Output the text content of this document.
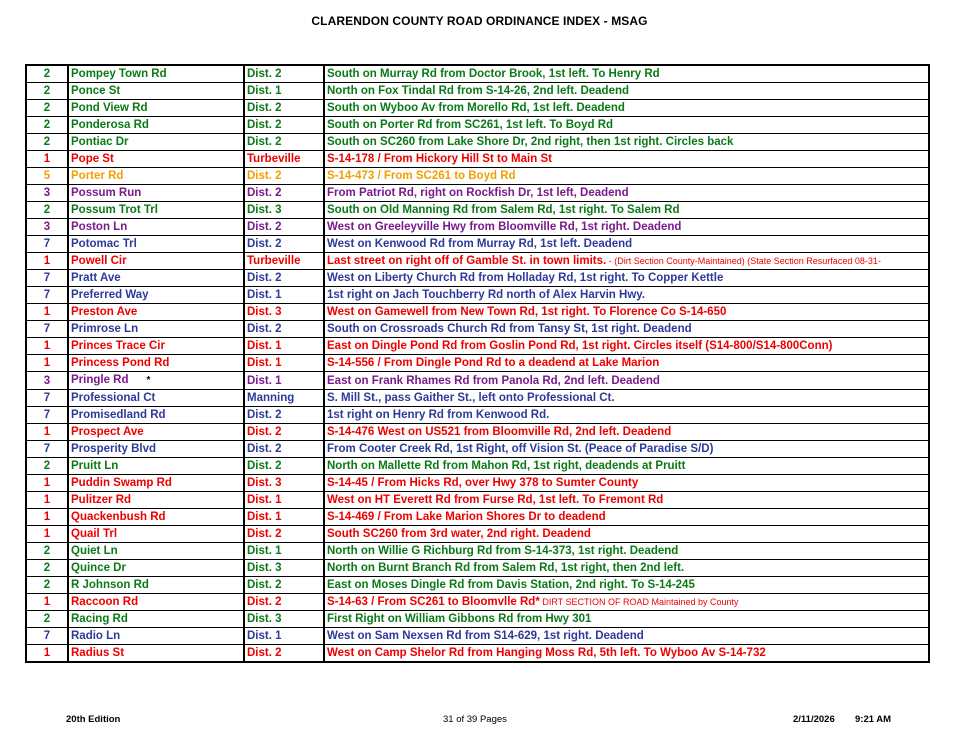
CLARENDON COUNTY ROAD ORDINANCE INDEX - MSAG
2	Pompey Town Rd	Dist. 2	South on Murray Rd from Doctor Brook, 1st left. To Henry Rd
2	Ponce St	Dist. 1	North on Fox Tindal Rd from S-14-26, 2nd left. Deadend
2	Pond View Rd	Dist. 2	South on Wyboo Av from Morello Rd, 1st left. Deadend
2	Ponderosa Rd	Dist. 2	South on Porter Rd from SC261, 1st left. To Boyd Rd
2	Pontiac Dr	Dist. 2	South on SC260 from Lake Shore Dr, 2nd right, then 1st right. Circles back
1	Pope St	Turbeville	S-14-178 / From Hickory Hill St to Main St
5	Porter Rd	Dist. 2	S-14-473 / From SC261 to Boyd Rd
3	Possum Run	Dist. 2	From Patriot Rd, right on Rockfish Dr, 1st left, Deadend
2	Possum Trot Trl	Dist. 3	South on Old Manning Rd from Salem Rd, 1st right. To Salem Rd
3	Poston Ln	Dist. 2	West on Greeleyville Hwy from Bloomville Rd, 1st right. Deadend
7	Potomac Trl	Dist. 2	West on Kenwood Rd from Murray Rd, 1st left. Deadend
1	Powell Cir	Turbeville	Last street on right off of Gamble St. in town limits. - (Dirt Section County-Maintained) (State Section Resurfaced 08-31-
7	Pratt Ave	Dist. 2	West on Liberty Church Rd from Holladay Rd, 1st right. To Copper Kettle
7	Preferred Way	Dist. 1	1st right on Jach Touchberry Rd north of Alex Harvin Hwy.
1	Preston Ave	Dist. 3	West on Gamewell from New Town Rd, 1st right. To Florence Co S-14-650
7	Primrose Ln	Dist. 2	South on Crossroads Church Rd from Tansy St, 1st right. Deadend
1	Princes Trace Cir	Dist. 1	East on Dingle Pond Rd from Goslin Pond Rd, 1st right. Circles itself (S14-800/S14-800Conn)
1	Princess Pond Rd	Dist. 1	S-14-556 / From Dingle Pond Rd to a deadend at Lake Marion
3	Pringle Rd *	Dist. 1	East on Frank Rhames Rd from Panola Rd, 2nd left. Deadend
7	Professional Ct	Manning	S. Mill St., pass Gaither St., left onto Professional Ct.
7	Promisedland Rd	Dist. 2	1st right on Henry Rd from Kenwood Rd.
1	Prospect Ave	Dist. 2	S-14-476 West on US521 from Bloomville Rd, 2nd left. Deadend
7	Prosperity Blvd	Dist. 2	From Cooter Creek Rd, 1st Right, off Vision St. (Peace of Paradise S/D)
2	Pruitt Ln	Dist. 2	North on Mallette Rd from Mahon Rd, 1st right, deadends at Pruitt
1	Puddin Swamp Rd	Dist. 3	S-14-45 / From Hicks Rd, over Hwy 378 to Sumter County
1	Pulitzer Rd	Dist. 1	West on HT Everett Rd from Furse Rd, 1st left. To Fremont Rd
1	Quackenbush Rd	Dist. 1	S-14-469 / From Lake Marion Shores Dr to deadend
1	Quail Trl	Dist. 2	South SC260 from 3rd water, 2nd right. Deadend
2	Quiet Ln	Dist. 1	North on Willie G Richburg Rd from S-14-373, 1st right. Deadend
2	Quince Dr	Dist. 3	North on Burnt Branch Rd from Salem Rd, 1st right, then 2nd left.
2	R Johnson Rd	Dist. 2	East on Moses Dingle Rd from Davis Station, 2nd right. To S-14-245
1	Raccoon Rd	Dist. 2	S-14-63 / From SC261 to Bloomvlle Rd* DIRT SECTION OF ROAD Maintained by County
2	Racing Rd	Dist. 3	First Right on William Gibbons Rd from Hwy 301
7	Radio Ln	Dist. 1	West on Sam Nexsen Rd from S14-629, 1st right. Deadend
1	Radius St	Dist. 2	West on Camp Shelor Rd from Hanging Moss Rd, 5th left. To Wyboo Av S-14-732
20th Edition	31 of 39 Pages	2/11/2026 9:21 AM
